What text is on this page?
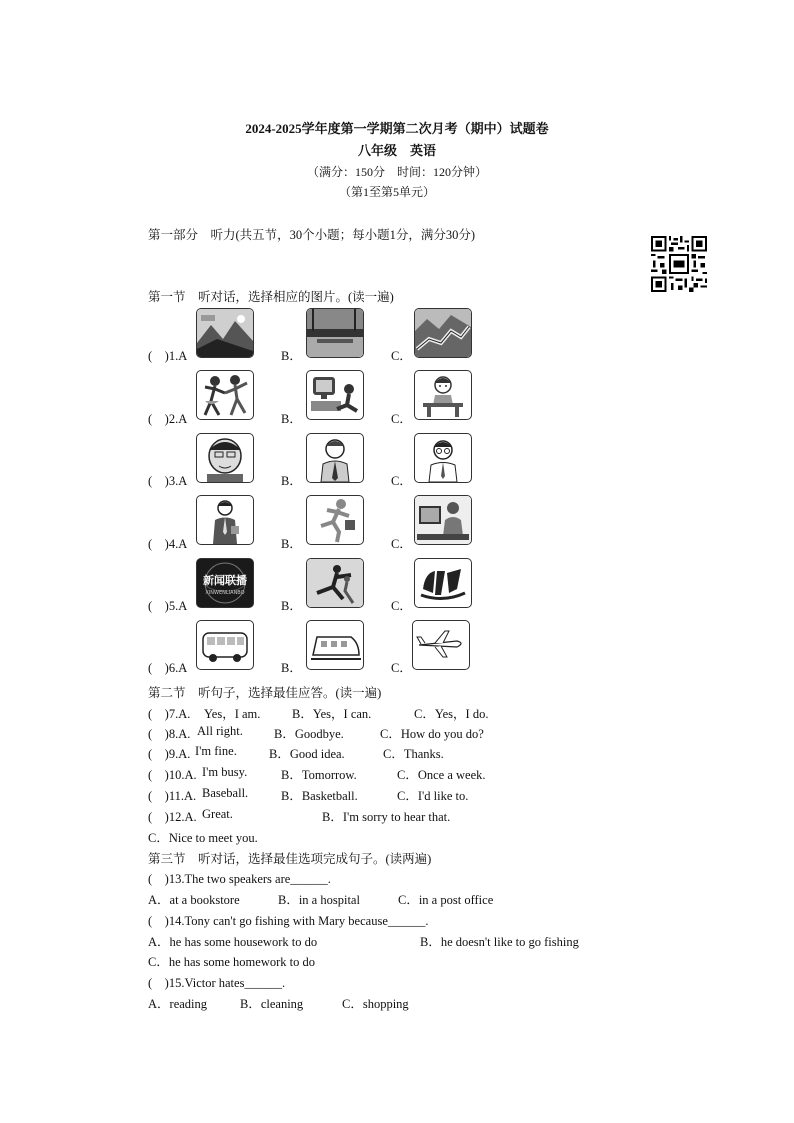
2024-2025学年度第一学期第二次月考（期中）试题卷
八年级　英语
（满分：150分　时间：120分钟）
（第1至第5单元）
第一部分　听力(共五节，30个小题；每小题1分，满分30分)
第一节　听对话，选择相应的图片。(读一遍)
(　)1.A	B．	C．
(　)2.A	B．	C．
(　)3.A	B．	C．
(　)4.A	B．	C．
(　)5.A
新闻联播
XINWENLIANBO
B．	C．
(　)6.A	B．	C．
第二节　听句子，选择最佳应答。(读一遍)
(　)7.A. Yes，I am.	B．Yes，I can.	C．Yes，I do.
(　)8.A. All right. B．Goodbye.	C．How do you do?
(　)9.A. I'm fine.	B．Good idea.	C．Thanks.
(　)10.A. I'm busy.	B．Tomorrow.	C．Once a week.
(　)11.A. Baseball.	B．Basketball.	C．I'd like to.
(　)12.A. Great.	B．I'm sorry to hear that.
C．Nice to meet you.
第三节　听对话，选择最佳选项完成句子。(读两遍)
(　)13.The two speakers are______.
A．at a bookstore	B．in a hospital	C．in a post office
(　)14.Tony can't go fishing with Mary because______.
A．he has some housework to do	B．he doesn't like to go fishing
C．he has some homework to do
(　)15.Victor hates______.
A．reading	B．cleaning	C．shopping
